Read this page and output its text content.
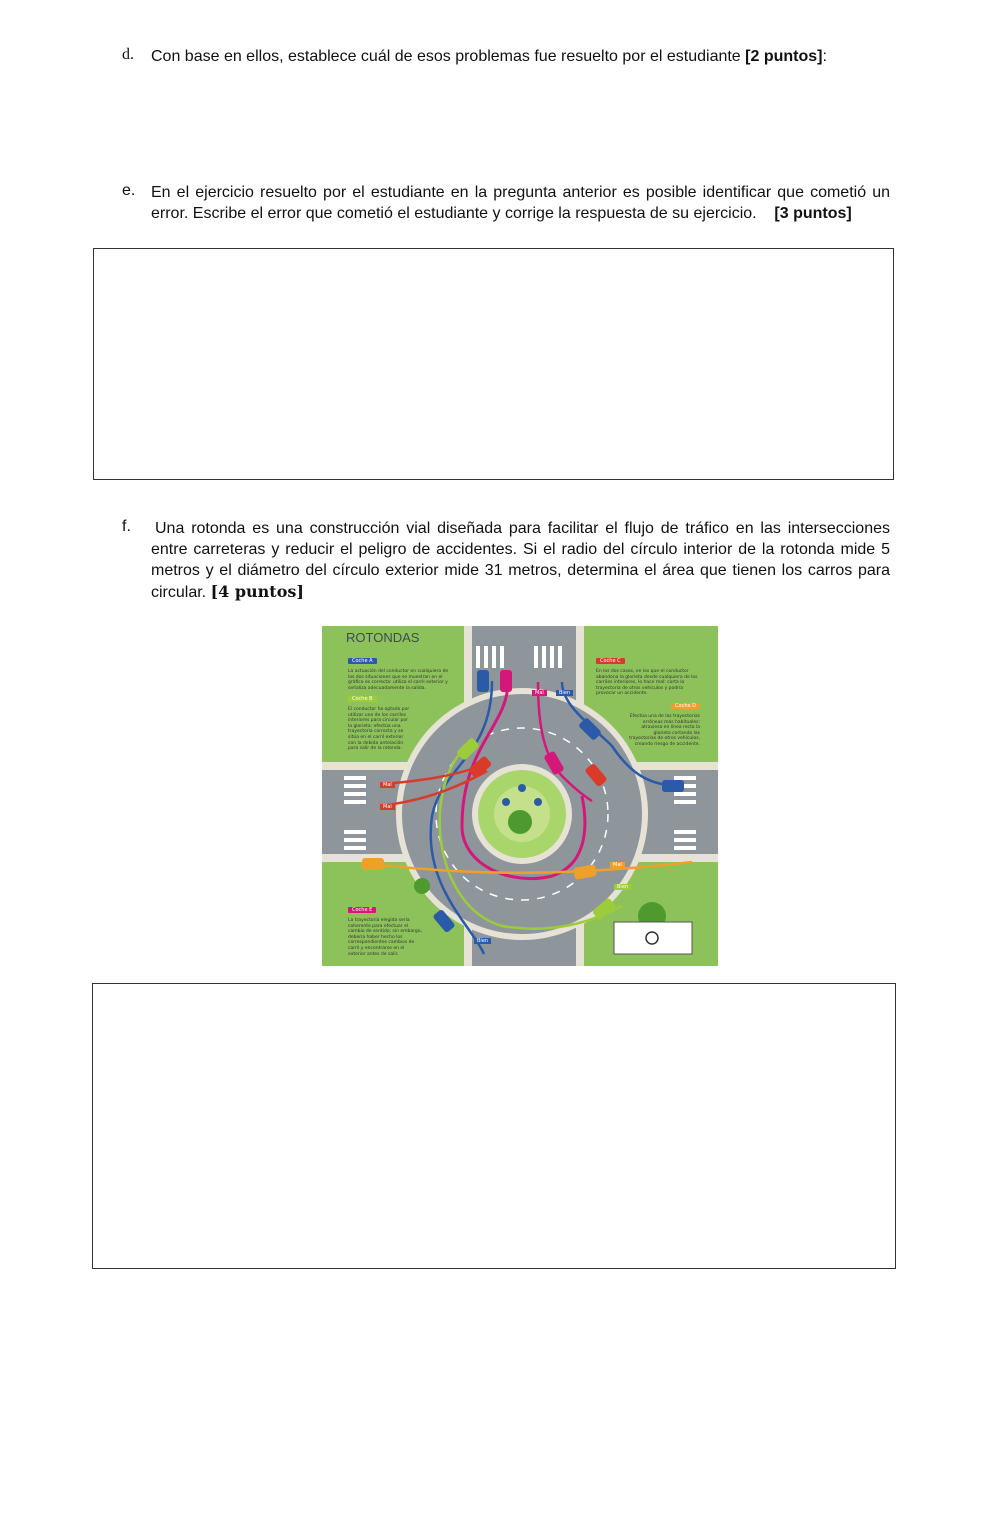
d. Con base en ellos, establece cuál de esos problemas fue resuelto por el estudiante [2 puntos]:
e. En el ejercicio resuelto por el estudiante en la pregunta anterior es posible identificar que cometió un error. Escribe el error que cometió el estudiante y corrige la respuesta de su ejercicio. [3 puntos]
f. Una rotonda es una construcción vial diseñada para facilitar el flujo de tráfico en las intersecciones entre carreteras y reducir el peligro de accidentes. Si el radio del círculo interior de la rotonda mide 5 metros y el diámetro del círculo exterior mide 31 metros, determina el área que tienen los carros para circular. [4 puntos]
ROTONDAS
Coche A
La actuación del conductor en cualquiera de las dos situaciones que se muestran en el gráfico es correcta: utiliza el carril exterior y señaliza adecuadamente la salida.
Coche B
El conductor ha optado por utilizar uno de los carriles interiores para circular por la glorieta: efectúa una trayectoria correcta y se sitúa en el carril exterior con la debida antelación para salir de la rotonda.
Coche C
En los dos casos, en los que el conductor abandona la glorieta desde cualquiera de los carriles interiores, lo hace mal: corta la trayectoria de otros vehículos y podría provocar un accidente.
Coche D
Efectúa una de las trayectorias erróneas más habituales: atraviesa en línea recta la glorieta cortando las trayectorias de otros vehículos, creando riesgo de accidente.
Coche E
La trayectoria elegida sería coherente para efectuar el cambio de sentido; sin embargo, debería haber hecho los correspondientes cambios de carril y encontrarse en el exterior antes de salir.
Mal	Bien
Mal
Mal
Mal
Bien
Bien
